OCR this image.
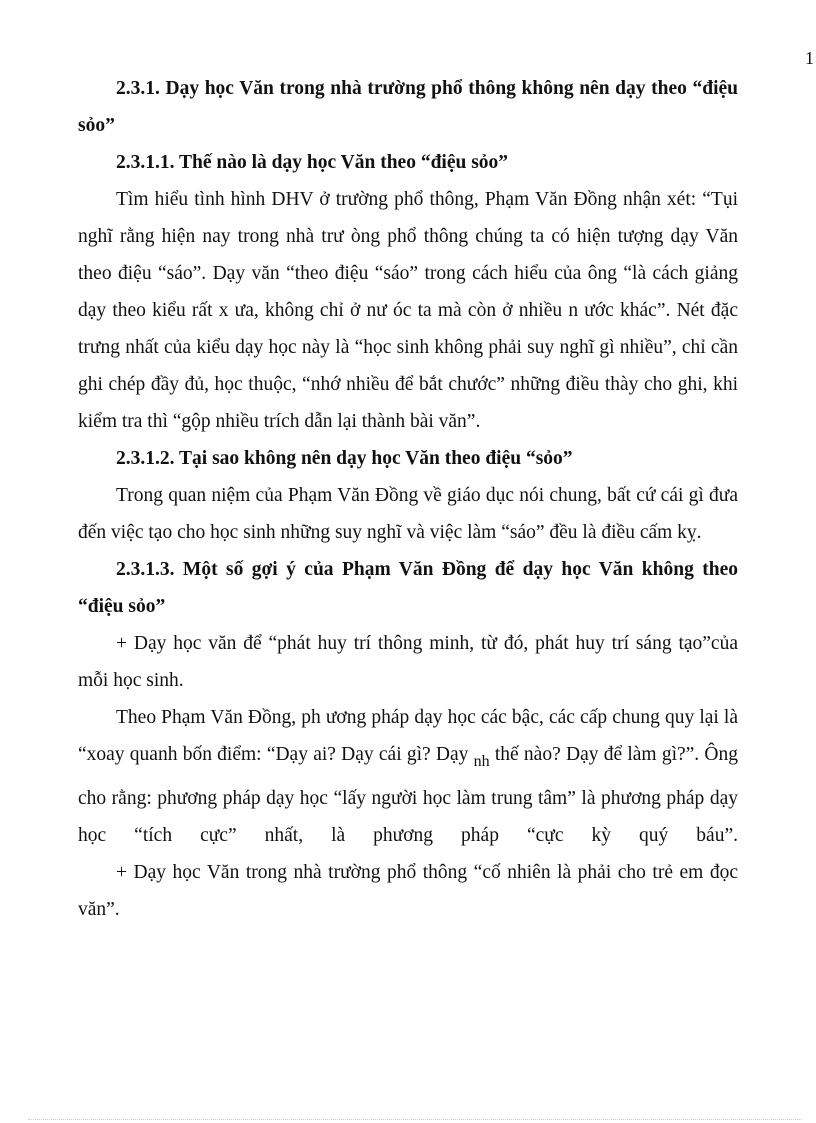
1

2.3.1. Dạy học Văn trong nhà trường phổ thông không nên dạy theo “điệu sỏo”

2.3.1.1. Thế nào là dạy học Văn theo “điệu sỏo”

Tìm hiểu tình hình DHV ở trường phổ thông, Phạm Văn Đồng nhận xét: “Tụi nghĩ rằng hiện nay trong nhà trư òng phổ thông chúng ta có hiện tượng dạy Văn theo điệu “sáo”. Dạy văn “theo điệu “sáo” trong cách hiểu của ông “là cách giảng dạy theo kiểu rất x ưa, không chỉ ở nư óc ta mà còn ở nhiều n ước khác”. Nét đặc trưng nhất của kiểu dạy học này là “học sinh không phải suy nghĩ gì nhiều”, chỉ cần ghi chép đầy đủ, học thuộc, “nhớ nhiều để bắt chước” những điều thày cho ghi, khi kiểm tra thì “gộp nhiều trích dẫn lại thành bài văn”.

2.3.1.2. Tại sao không nên dạy học Văn theo điệu “sỏo”

Trong quan niệm của Phạm Văn Đồng về giáo dục nói chung, bất cứ cái gì đưa đến việc tạo cho học sinh những suy nghĩ và việc làm “sáo” đều là điều cấm kỵ.

2.3.1.3. Một số gợi ý của Phạm Văn Đồng để dạy học Văn không theo “điệu sỏo”

+ Dạy học văn để “phát huy trí thông minh, từ đó, phát huy trí sáng tạo”của mỗi học sinh.

Theo Phạm Văn Đồng, ph ương pháp dạy học các bậc, các cấp chung quy lại là “xoay quanh bốn điểm: “Dạy ai? Dạy cái gì? Dạy $_{nh}$ thế nào? Dạy để làm gì?”. Ông cho rằng: phương pháp dạy học “lấy người học làm trung tâm” là phương pháp dạy học “tích cực” nhất, là phương pháp “cực kỳ quý báu”.

+ Dạy học Văn trong nhà trường phổ thông “cố nhiên là phải cho trẻ em đọc văn”.
